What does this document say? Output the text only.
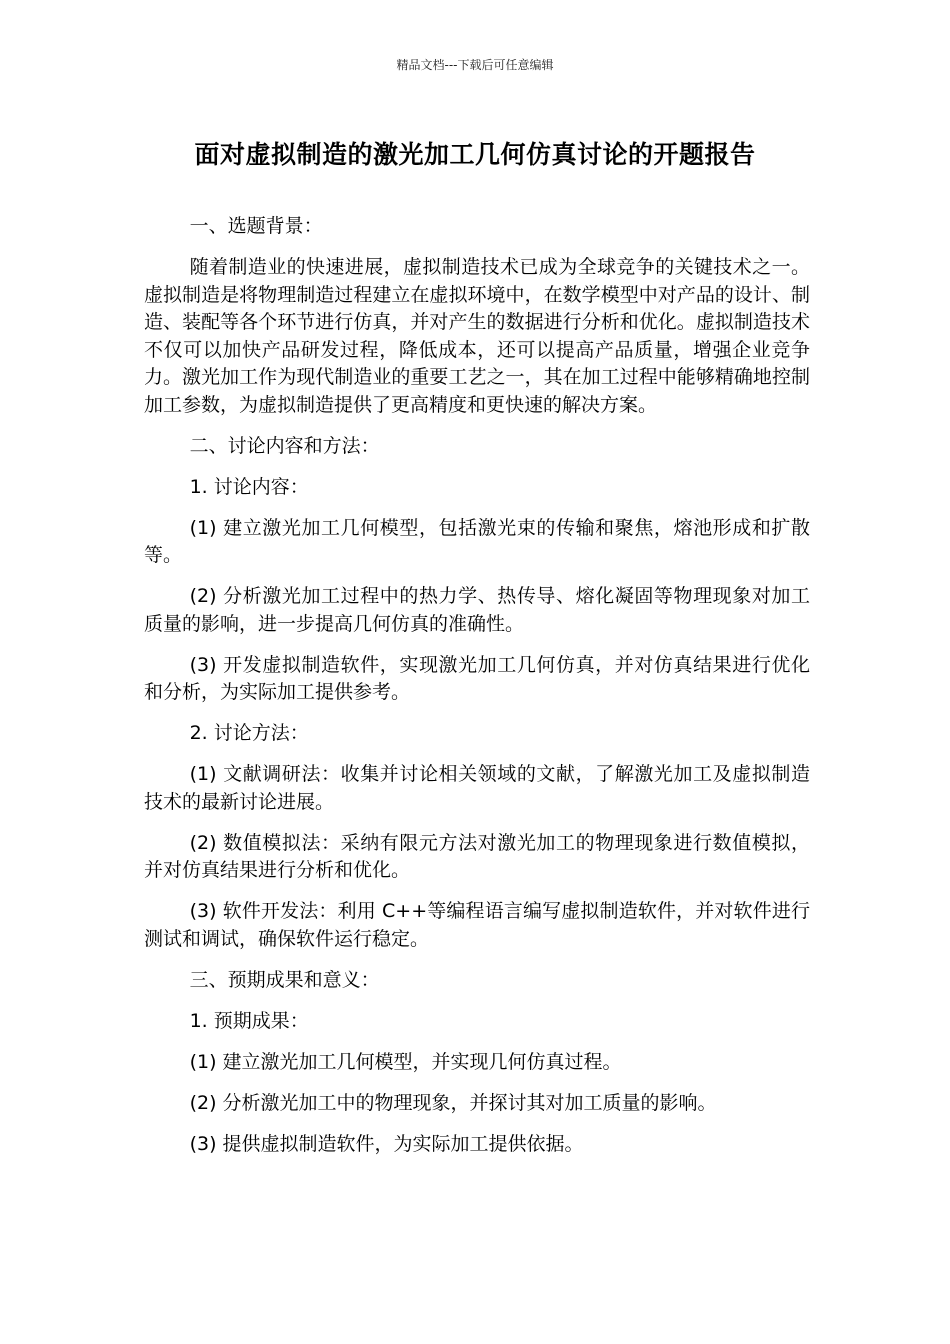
精品文档---下载后可任意编辑
面对虚拟制造的激光加工几何仿真讨论的开题报告

一、选题背景：

随着制造业的快速进展，虚拟制造技术已成为全球竞争的关键技术之一。虚拟制造是将物理制造过程建立在虚拟环境中，在数学模型中对产品的设计、制造、装配等各个环节进行仿真，并对产生的数据进行分析和优化。虚拟制造技术不仅可以加快产品研发过程，降低成本，还可以提高产品质量，增强企业竞争力。激光加工作为现代制造业的重要工艺之一，其在加工过程中能够精确地控制加工参数，为虚拟制造提供了更高精度和更快速的解决方案。

二、讨论内容和方法：

1. 讨论内容：

(1) 建立激光加工几何模型，包括激光束的传输和聚焦，熔池形成和扩散等。

(2) 分析激光加工过程中的热力学、热传导、熔化凝固等物理现象对加工质量的影响，进一步提高几何仿真的准确性。

(3) 开发虚拟制造软件，实现激光加工几何仿真，并对仿真结果进行优化和分析，为实际加工提供参考。

2. 讨论方法：

(1) 文献调研法：收集并讨论相关领域的文献，了解激光加工及虚拟制造技术的最新讨论进展。

(2) 数值模拟法：采纳有限元方法对激光加工的物理现象进行数值模拟，并对仿真结果进行分析和优化。

(3) 软件开发法：利用 C++等编程语言编写虚拟制造软件，并对软件进行测试和调试，确保软件运行稳定。

三、预期成果和意义：

1. 预期成果：

(1) 建立激光加工几何模型，并实现几何仿真过程。

(2) 分析激光加工中的物理现象，并探讨其对加工质量的影响。

(3) 提供虚拟制造软件，为实际加工提供依据。
